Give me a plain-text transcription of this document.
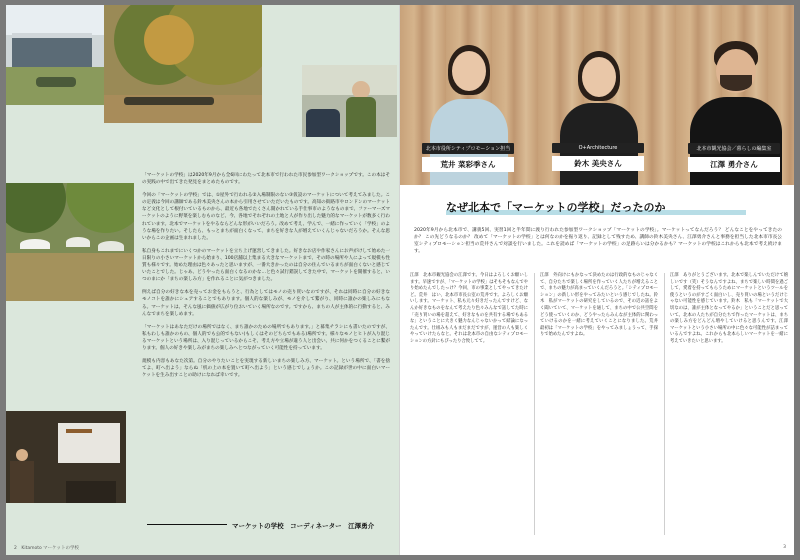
「マーケットの学校」は2020年9月から全6回にわたって北本市で行われた市民参加型ワークショップです。この本はその実践の中で出てきた発見をまとめたものです。

今回の「マーケットの学校」では、①屋外で行われる②入場制限のない③仮設のマーケットについて考えてみました。この定義は今回の講師である鈴木美央さんの本から引用させていただいたものです。高知の街路市やロンドンのマーケットなど文化として根付いているものから、最近も各地でたくさん開かれている手仕事市のようなものまで、ファーマーズマーケットのように野菜を楽しむものなど、今、各地でそれぞれの土地と人が作り出した魅力的なマーケットが数多く行われています。北本でマーケットをやるならどんな形がいいだろう。改めて考え、学んで、一緒に作っていく「学校」のような場を作りたい。そしたら、もっとまちが面白くなって、まちを好きな人が増えていくんじゃないだろうか。そんな思いからこの企画は生まれました。

私自身もこれまでにいくつかのマーケットを立ち上げ運営してきました。好きなお店や作家さんにお声がけして始めた一日限りの小さいマーケットから始まり、100店舗以上集まる大きなマーケットまで、その時の場所や人によって規模も性質も様々です。始めた理由は色々あったと思いますが、一番大きかったのは自分の住んでいるまちが面白くないと感じていたことでした。じゃあ、どうやったら面白くなるのかな…と色々試行錯誤してきた中で、マーケットを開催すると、いつのまにか「まちの楽しみ方」を作れることに気がつきました。

例えば自分の好きな本を売ってお金をもらうと、行為としてはモノの売り買いなのですが、それは同時に自分の好きなモノコトを誰かにシェアすることでもあります。個人的な楽しみが、モノを介して繋がり、同時に誰かの楽しみにもなる。マーケットは、そんな風に価値が広がり位おいていく場所なのです。ですから、まちの人が主体的に行動すると、みんなでまちを楽しめます。

「マーケットはあなただけの場所ではなく、まち誰かのための場所でもあります。」と募集チラシにも書いたのですが、私もわしも誰かのもの、個人的でも公的でもない(もしくはそのどちらでもある)場所です。様々なモノとヒトが入り混じるマーケットという場所は、入り混じっているからこそ、考え方や立場が違う人と出会い、共に何かをつくることに繋がります。個人の好きや楽しみがまちの楽しみへとつながっていく可能性を持っています。

規模も内容もあなた次第。自分のやりたいことを実現する新しいまちの楽しみ方、マーケット。という場所で、「書を捨てよ、町へ出よう」ならぬ「机の上の本を置いて町へ出よう」という感じでしょうか。この記録が世の中に面白いマーケットを生み出すことの助けになれば幸いです。

マーケットの学校　コーディネーター　江澤勇介
2　Kitamoto マーケットの学校
北本市役所シティプロモーション担当
荒井 菜彩季さん
O+Architecture
鈴木 美央さん
北本市観光協会／暮らしの編集室
江澤 勇介さん
なぜ北本で「マーケットの学校」だったのか
2020年9月から北本市で、講義5回、実習1回と半年間に渡り行われた参加型ワークショップ「マーケットの学校」。マーケットってなんだろう？ どんなことをやってきたのか？ この先どうなるのか？ 改めて「マーケットの学校」とは何なのかを振り返り、記録として残すため、講師の鈴木美央さん、江澤勇介さんと事務を担当した北本市市長公室シティプロモーション担当の荒井さんで対談を行いました。これを読めば「マーケットの学校」の足跡らいは分かるかも？マーケットの学校はこれからも北本で考え続けます。
江澤　北本市観光協会の江澤です。今日はよろしくお願いします。早速ですが、「マーケットの学校」はそもそもなんでやり始めたんでしたっけ？今回、市の事業としてやってきたけど。荒井　はい、北本市市長公室の荒井です。よろしくお願いします。マーケット、私も元々好きだったんですけど、なんか好きなものをなんて考えたり色々みんなで話してた時に「売り買いの場を超えて、好きなものを共有する場でもあるな」ということに大きく魅力なんじゃないかって結論になったんです。仕組みも人もまだまだですが、運営の人も楽しくやっていけたらなと。それは北本市の自由なシティプロモーションの方針にもぴったり合致してて。
江澤　外向けにもかなって決めたのは行政的なものじゃなくて、自分たちで楽しく場所を作っていく人たちが増えることで、まちの魅力が高まっていくんだろうと。「シティプロモーション」の新しい形をやってみたいという感じでしたね。鈴木　私がマーケットの研究をしているので、その辺の話をよく聞いていて、マーケットを通して、まちの中で公共空間をどう使っていくのか、どうやったらみんなが主体的に関わっていけるのかを一緒に考えていくことになりました。荒井　最初は「マーケットの学校」をやってみましょうって、手探りで始めたんですよね。
江澤　ありがとうございます。北本で楽しんでいただけて嬉しいです（笑）そうなんですよね、まちで楽しい時間を過ごして、愛着を持ってもらうためにマーケットというツールを使うというのがすごく面白いし、売り買いの場というだけじゃない可能性を感じています。鈴木　私も「マーケットで大切なのは、誰が主体となってやるか」ということだと思っていて。北本の人たちが自分たちで作ったマーケットは、まちの楽しみ方をどんどん増やしていけると思うんです。江澤　マーケットという小さい場所の中に色々な可能性が詰まっているんですよね。これからも北本らしいマーケットを一緒に考えていきたいと思います。
3
